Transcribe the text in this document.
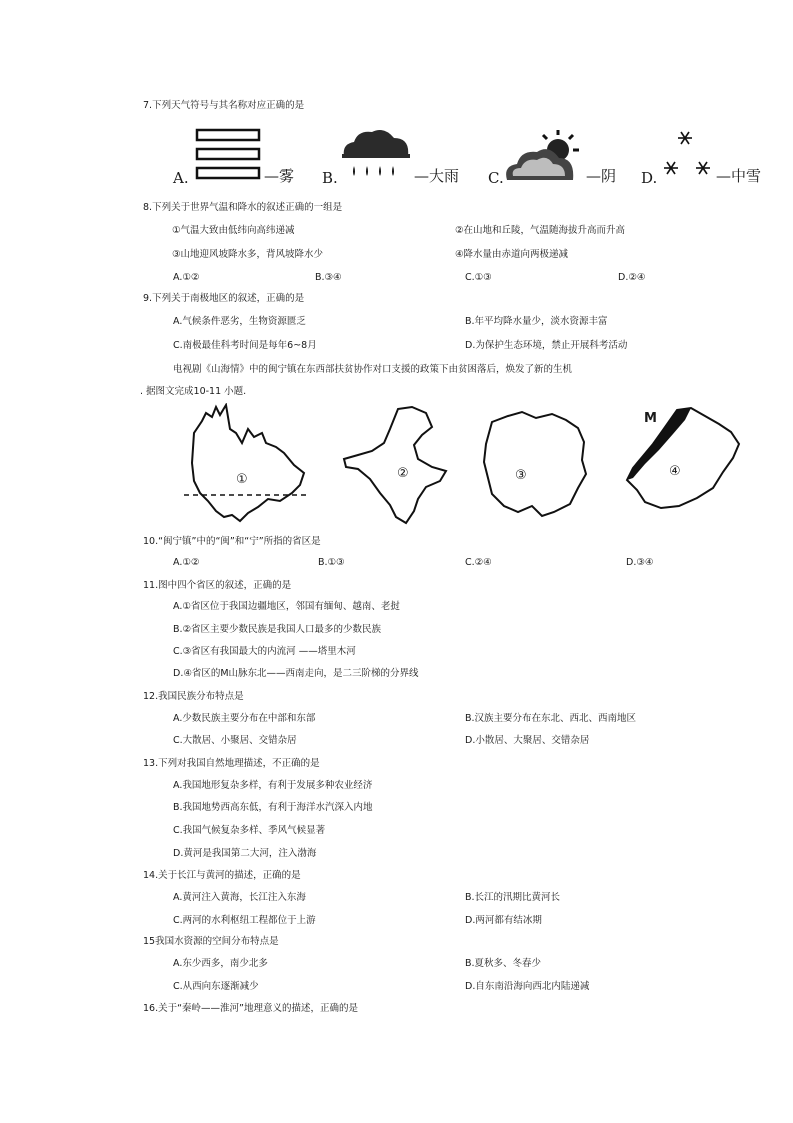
7.下列天气符号与其名称对应正确的是
A.	—雾 B.	—大雨 C.	—阴 D.	—中雪
8.下列关于世界气温和降水的叙述正确的一组是
①气温大致由低纬向高纬递减	②在山地和丘陵，气温随海拔升高而升高
③山地迎风坡降水多，背风坡降水少	④降水量由赤道向两极递减
A.①②	B.③④	C.①③	D.②④
9.下列关于南极地区的叙述，正确的是
A.气候条件恶劣，生物资源匮乏	B.年平均降水量少，淡水资源丰富
C.南极最佳科考时间是每年6~8月	D.为保护生态环境，禁止开展科考活动
电视剧《山海情》中的闽宁镇在东西部扶贫协作对口支援的政策下由贫困落后，焕发了新的生机
. 据图文完成10-11 小题.
①	②	③
M
④
10.“闽宁镇”中的“闽”和“宁”所指的省区是
A.①②	B.①③	C.②④	D.③④
11.图中四个省区的叙述，正确的是
A.①省区位于我国边疆地区，邻国有缅甸、越南、老挝
B.②省区主要少数民族是我国人口最多的少数民族
C.③省区有我国最大的内流河 ——塔里木河
D.④省区的M山脉东北——西南走向，是二三阶梯的分界线
12.我国民族分布特点是
A.少数民族主要分布在中部和东部	B.汉族主要分布在东北、西北、西南地区
C.大散居、小聚居、交错杂居	D.小散居、大聚居、交错杂居
13.下列对我国自然地理描述，不正确的是
A.我国地形复杂多样，有利于发展多种农业经济
B.我国地势西高东低，有利于海洋水汽深入内地
C.我国气候复杂多样、季风气候显著
D.黄河是我国第二大河，注入渤海
14.关于长江与黄河的描述，正确的是
A.黄河注入黄海，长江注入东海	B.长江的汛期比黄河长
C.两河的水利枢纽工程都位于上游	D.两河都有结冰期
15我国水资源的空间分布特点是
A.东少西多，南少北多	B.夏秋多、冬春少
C.从西向东逐渐减少	D.自东南沿海向西北内陆递减
16.关于“秦岭——淮河”地理意义的描述，正确的是
